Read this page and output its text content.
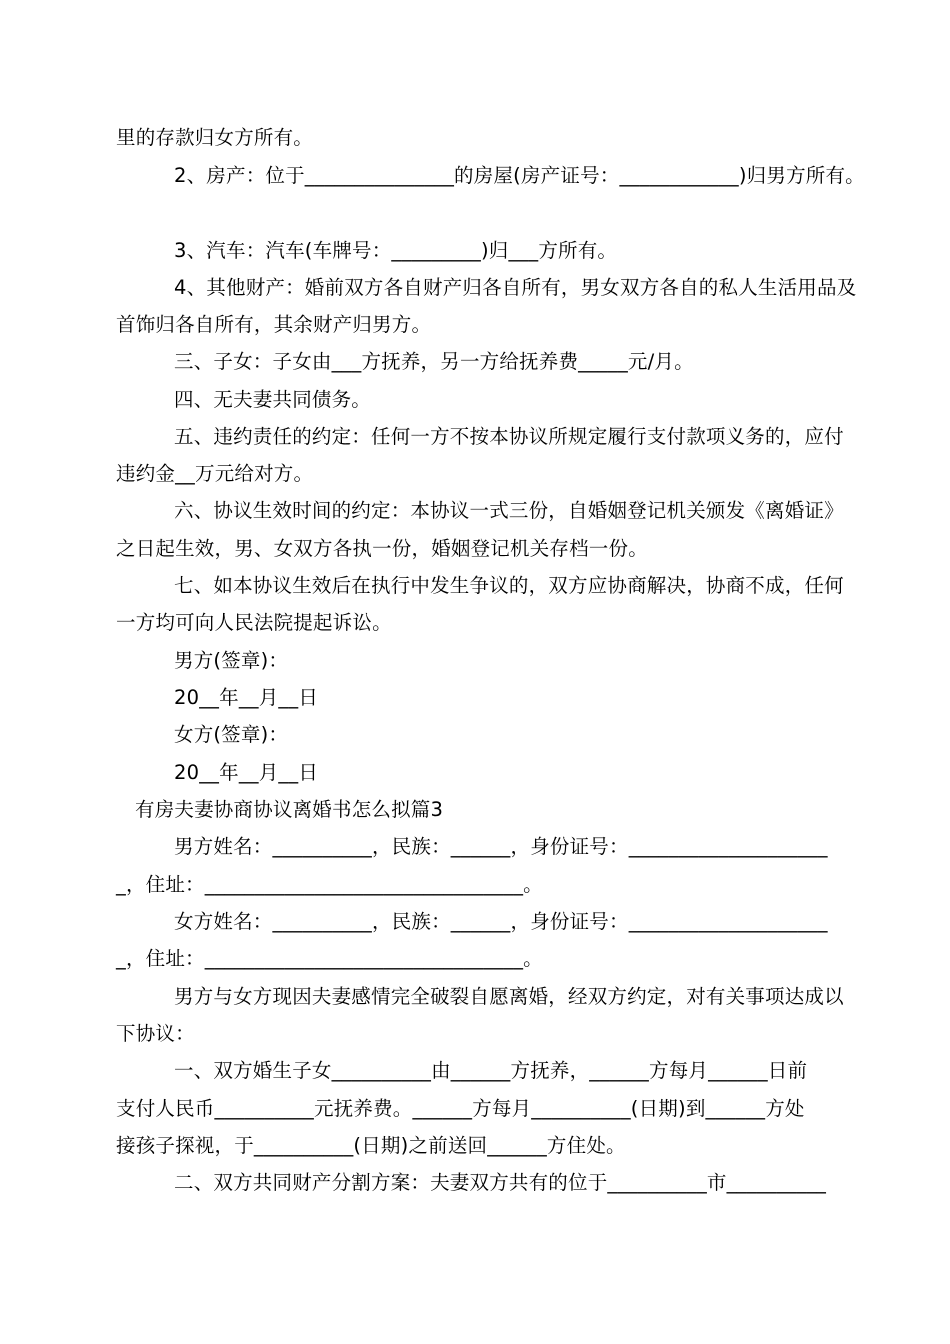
里的存款归女方所有。
2、房产：位于_______________的房屋(房产证号：____________)归男方所有。
3、汽车：汽车(车牌号：_________)归___方所有。
4、其他财产：婚前双方各自财产归各自所有，男女双方各自的私人生活用品及
首饰归各自所有，其余财产归男方。
三、子女：子女由___方抚养，另一方给抚养费_____元/月。
四、无夫妻共同债务。
五、违约责任的约定：任何一方不按本协议所规定履行支付款项义务的，应付
违约金__万元给对方。
六、协议生效时间的约定：本协议一式三份，自婚姻登记机关颁发《离婚证》
之日起生效，男、女双方各执一份，婚姻登记机关存档一份。
七、如本协议生效后在执行中发生争议的，双方应协商解决，协商不成，任何
一方均可向人民法院提起诉讼。
男方(签章)：
20__年__月__日
女方(签章)：
20__年__月__日
有房夫妻协商协议离婚书怎么拟篇3
男方姓名：__________，民族：______，身份证号：____________________
_，住址：________________________________。
女方姓名：__________，民族：______，身份证号：____________________
_，住址：________________________________。
男方与女方现因夫妻感情完全破裂自愿离婚，经双方约定，对有关事项达成以
下协议：
一、双方婚生子女__________由______方抚养，______方每月______日前
支付人民币__________元抚养费。______方每月__________(日期)到______方处
接孩子探视，于__________(日期)之前送回______方住处。
二、双方共同财产分割方案：夫妻双方共有的位于__________市__________
